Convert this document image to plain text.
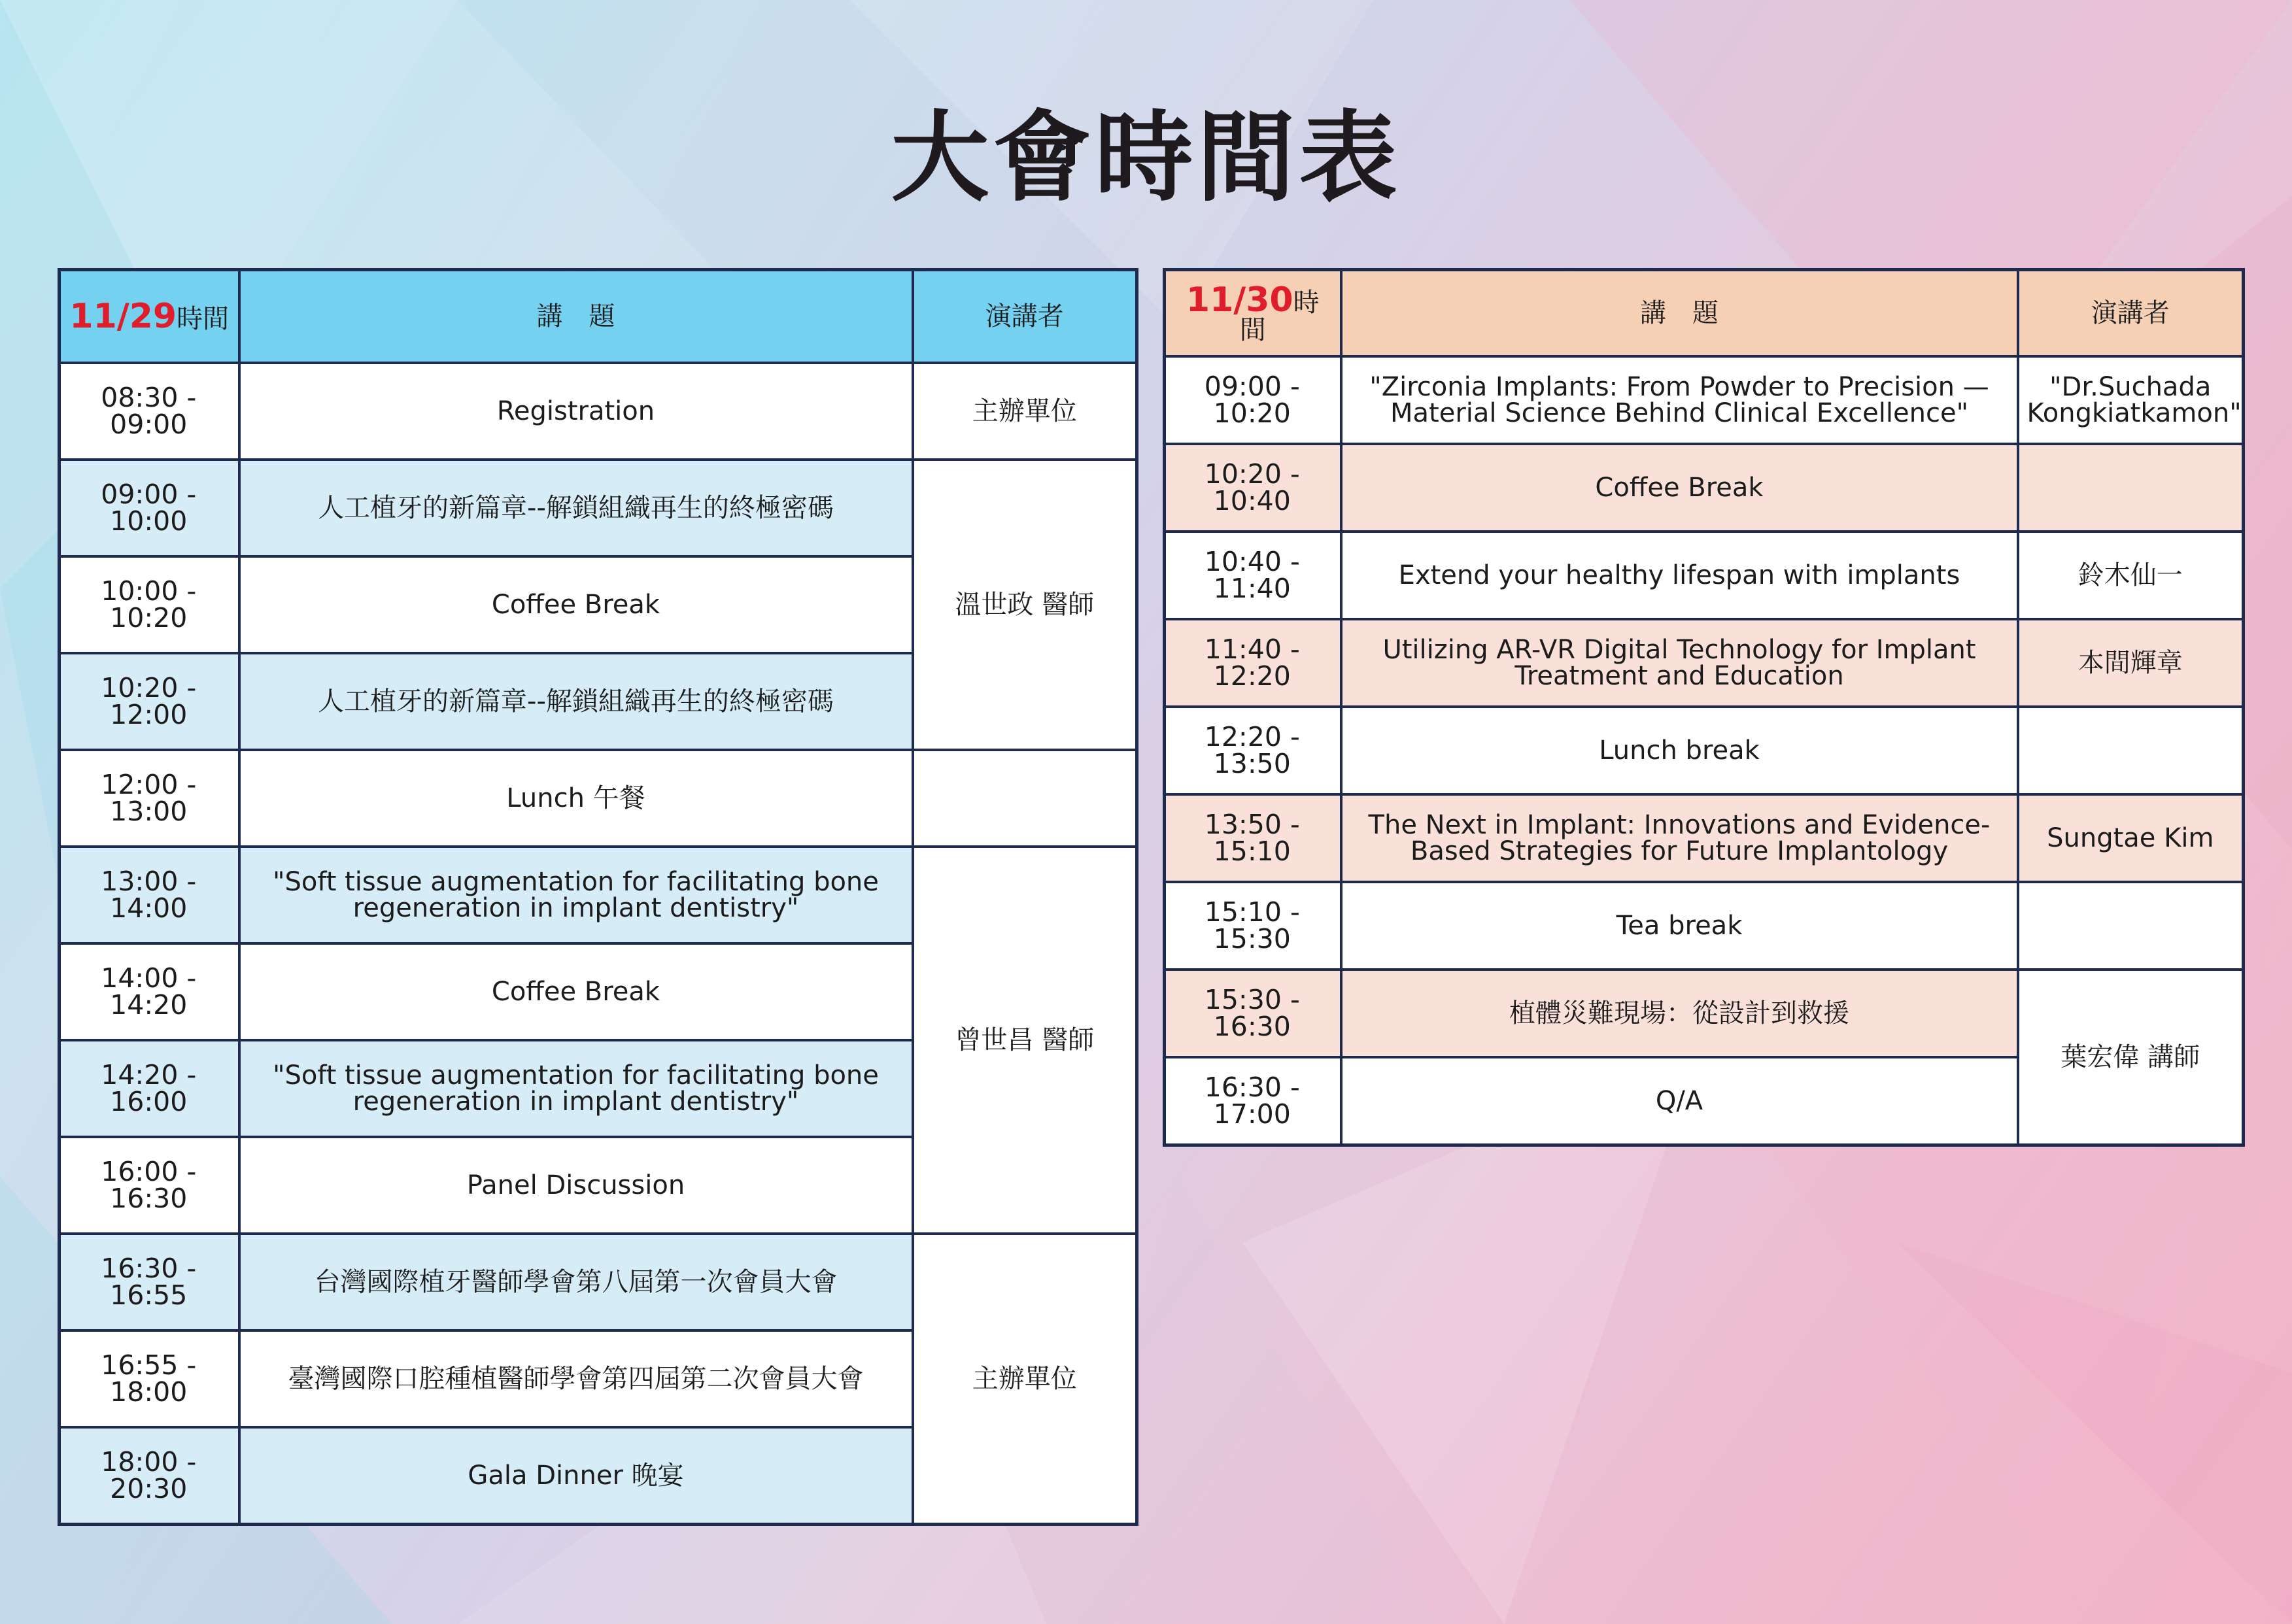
大會時間表
11/29時間	講　題	演講者
08:30 - 09:00	Registration	主辦單位
09:00 - 10:00	人工植牙的新篇章--解鎖組織再生的終極密碼	溫世政 醫師
10:00 - 10:20	Coffee Break	
10:20 - 12:00	人工植牙的新篇章--解鎖組織再生的終極密碼	
12:00 - 13:00	Lunch 午餐	
13:00 - 14:00	"Soft tissue augmentation for facilitating bone regeneration in implant dentistry"	曾世昌 醫師
14:00 - 14:20	Coffee Break	
14:20 - 16:00	"Soft tissue augmentation for facilitating bone regeneration in implant dentistry"	
16:00 - 16:30	Panel Discussion	
16:30 - 16:55	台灣國際植牙醫師學會第八屆第一次會員大會	主辦單位
16:55 - 18:00	臺灣國際口腔種植醫師學會第四屆第二次會員大會	
18:00 - 20:30	Gala Dinner 晚宴	
11/30時間	講　題	演講者
09:00 - 10:20	"Zirconia Implants: From Powder to Precision — Material Science Behind Clinical Excellence"	"Dr.Suchada Kongkiatkamon"
10:20 - 10:40	Coffee Break	
10:40 - 11:40	Extend your healthy lifespan with implants	鈴木仙一
11:40 - 12:20	Utilizing AR-VR Digital Technology for Implant Treatment and Education	本間輝章
12:20 - 13:50	Lunch break	
13:50 - 15:10	The Next in Implant: Innovations and Evidence-Based Strategies for Future Implantology	Sungtae Kim
15:10 - 15:30	Tea break	
15:30 - 16:30	植體災難現場：從設計到救援	葉宏偉 講師
16:30 - 17:00	Q/A	
